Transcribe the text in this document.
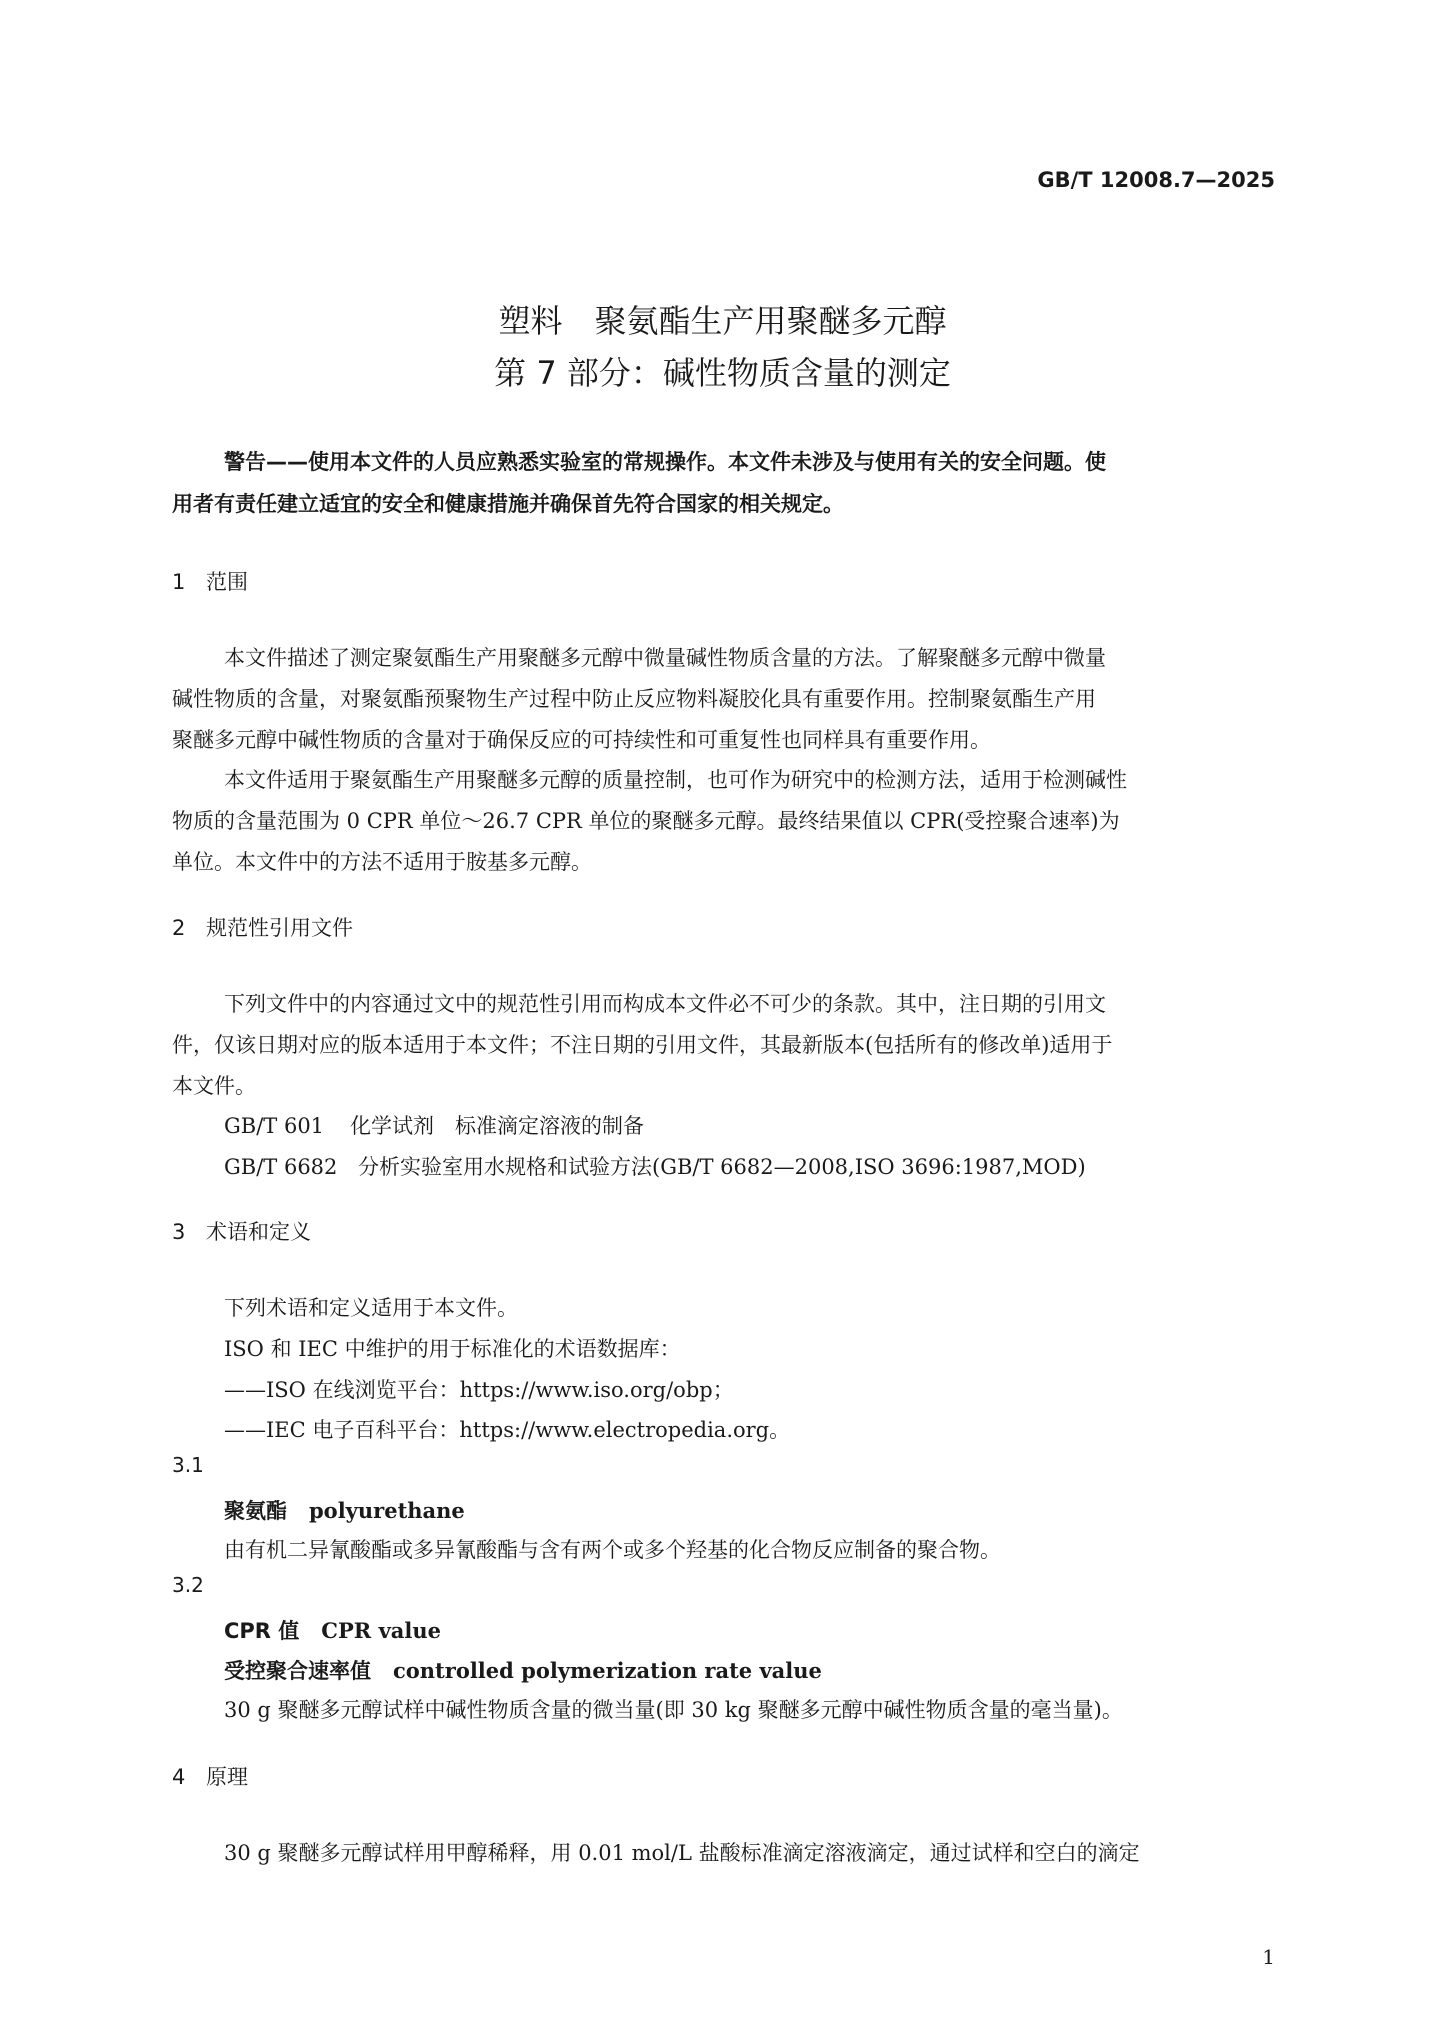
GB/T 12008.7—2025
塑料　聚氨酯生产用聚醚多元醇
第 7 部分：碱性物质含量的测定
警告——使用本文件的人员应熟悉实验室的常规操作。本文件未涉及与使用有关的安全问题。使
用者有责任建立适宜的安全和健康措施并确保首先符合国家的相关规定。
1 范围
本文件描述了测定聚氨酯生产用聚醚多元醇中微量碱性物质含量的方法。了解聚醚多元醇中微量
碱性物质的含量，对聚氨酯预聚物生产过程中防止反应物料凝胶化具有重要作用。控制聚氨酯生产用
聚醚多元醇中碱性物质的含量对于确保反应的可持续性和可重复性也同样具有重要作用。
本文件适用于聚氨酯生产用聚醚多元醇的质量控制，也可作为研究中的检测方法，适用于检测碱性
物质的含量范围为 0 CPR 单位～26.7 CPR 单位的聚醚多元醇。最终结果值以 CPR(受控聚合速率)为
单位。本文件中的方法不适用于胺基多元醇。
2 规范性引用文件
下列文件中的内容通过文中的规范性引用而构成本文件必不可少的条款。其中，注日期的引用文
件，仅该日期对应的版本适用于本文件；不注日期的引用文件，其最新版本(包括所有的修改单)适用于
本文件。
GB/T 601 化学试剂　标准滴定溶液的制备
GB/T 6682 分析实验室用水规格和试验方法(GB/T 6682—2008,ISO 3696:1987,MOD)
3 术语和定义
下列术语和定义适用于本文件。
ISO 和 IEC 中维护的用于标准化的术语数据库：
——ISO 在线浏览平台：https://www.iso.org/obp；
——IEC 电子百科平台：https://www.electropedia.org。
3.1
聚氨酯 polyurethane
由有机二异氰酸酯或多异氰酸酯与含有两个或多个羟基的化合物反应制备的聚合物。
3.2
CPR 值 CPR value
受控聚合速率值 controlled polymerization rate value
30 g 聚醚多元醇试样中碱性物质含量的微当量(即 30 kg 聚醚多元醇中碱性物质含量的毫当量)。
4 原理
30 g 聚醚多元醇试样用甲醇稀释，用 0.01 mol/L 盐酸标准滴定溶液滴定，通过试样和空白的滴定
1
